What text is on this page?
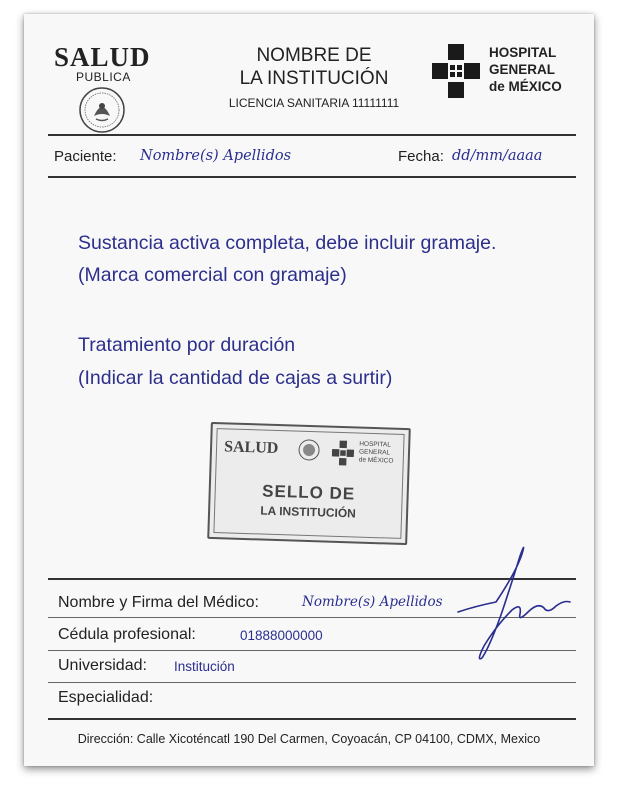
SALUD
PUBLICA
NOMBRE DE
LA INSTITUCIÓN
LICENCIA SANITARIA 11111111
HOSPITAL
GENERAL
de MÉXICO
Paciente: Nombre(s) Apellidos	Fecha: dd/mm/aaaa
Sustancia activa completa, debe incluir gramaje.
(Marca comercial con gramaje)
Tratamiento por duración
(Indicar la cantidad de cajas a surtir)
SALUD	HOSPITAL
GENERAL
de MÉXICO
SELLO DE
LA INSTITUCIÓN
Nombre y Firma del Médico:	Nombre(s) Apellidos
Cédula profesional:	01888000000
Universidad: Institución
Especialidad:
Dirección: Calle Xicoténcatl 190 Del Carmen, Coyoacán, CP 04100, CDMX, Mexico
